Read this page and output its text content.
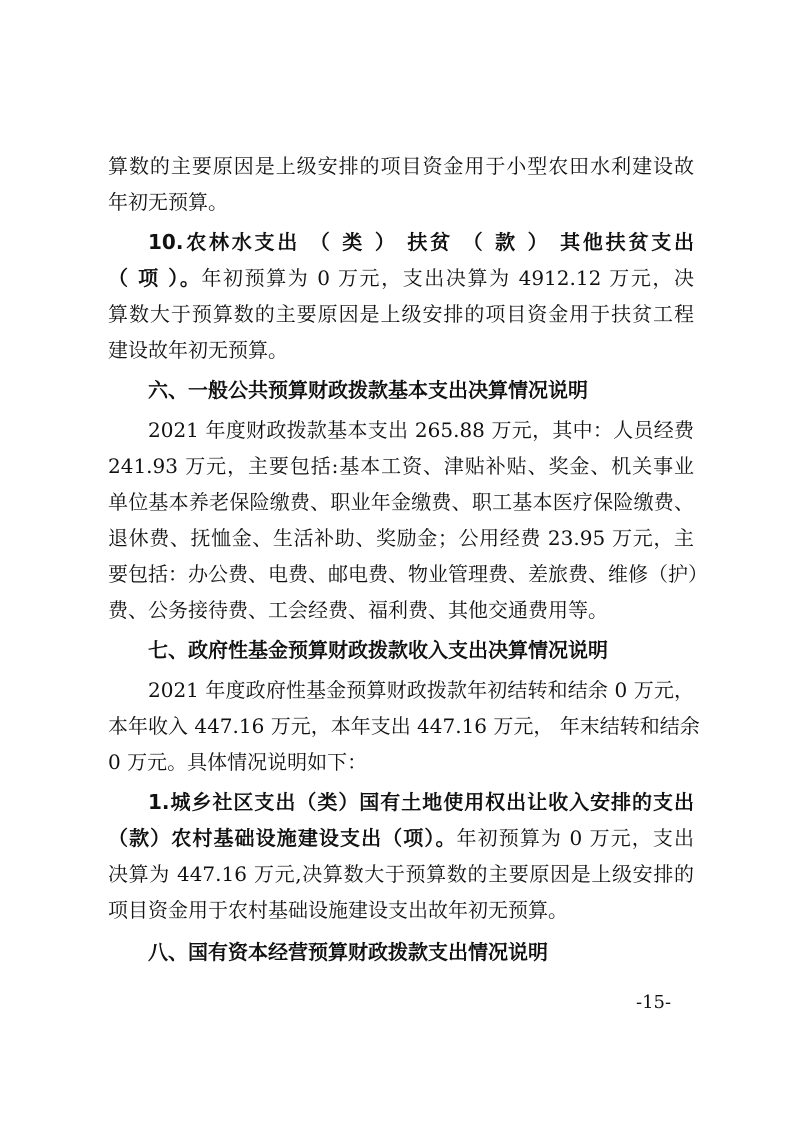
算数的主要原因是上级安排的项目资金用于小型农田水利建设故
年初无预算。
10.农林水支出 （ 类 ） 扶贫 （ 款 ） 其他扶贫支出
（ 项 ）。年初预算为 0 万元，支出决算为 4912.12 万元，决
算数大于预算数的主要原因是上级安排的项目资金用于扶贫工程
建设故年初无预算。
六、一般公共预算财政拨款基本支出决算情况说明
2021 年度财政拨款基本支出 265.88 万元，其中：人员经费
241.93 万元，主要包括:基本工资、津贴补贴、奖金、机关事业
单位基本养老保险缴费、职业年金缴费、职工基本医疗保险缴费、
退休费、抚恤金、生活补助、奖励金；公用经费 23.95 万元，主
要包括：办公费、电费、邮电费、物业管理费、差旅费、维修（护）
费、公务接待费、工会经费、福利费、其他交通费用等。
七、政府性基金预算财政拨款收入支出决算情况说明
2021 年度政府性基金预算财政拨款年初结转和结余 0 万元，
本年收入 447.16 万元，本年支出 447.16 万元， 年末结转和结余
0 万元。具体情况说明如下：
1.城乡社区支出（类）国有土地使用权出让收入安排的支出
（款）农村基础设施建设支出（项）。年初预算为 0 万元，支出
决算为 447.16 万元,决算数大于预算数的主要原因是上级安排的
项目资金用于农村基础设施建设支出故年初无预算。
八、国有资本经营预算财政拨款支出情况说明
-15-
